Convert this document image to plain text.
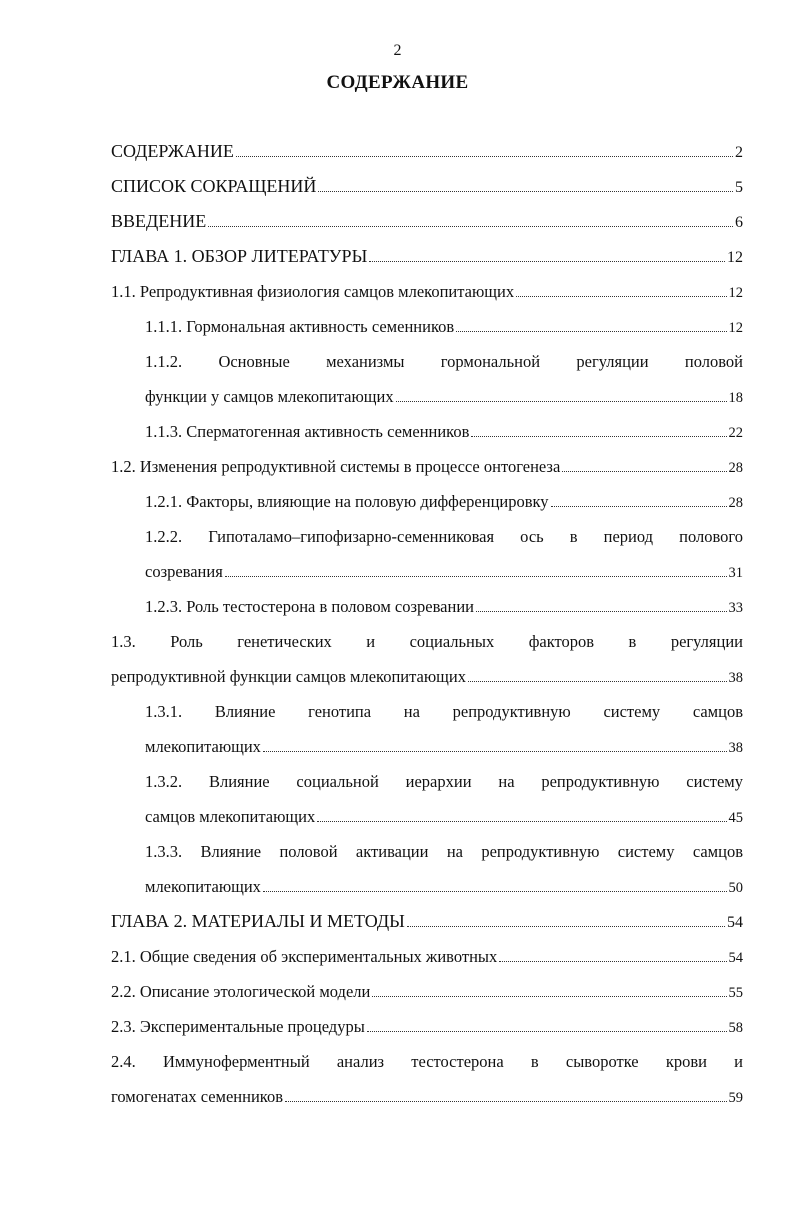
2
СОДЕРЖАНИЕ
СОДЕРЖАНИЕ	2
СПИСОК СОКРАЩЕНИЙ	5
ВВЕДЕНИЕ	6
ГЛАВА 1. ОБЗОР ЛИТЕРАТУРЫ	12
1.1. Репродуктивная физиология самцов млекопитающих	12
1.1.1. Гормональная активность семенников	12
1.1.2. Основные механизмы гормональной регуляции половой
функции у самцов млекопитающих	18
1.1.3. Сперматогенная активность семенников	22
1.2. Изменения репродуктивной системы в процессе онтогенеза	28
1.2.1. Факторы, влияющие на половую дифференцировку	28
1.2.2. Гипоталамо–гипофизарно-семенниковая ось в период полового
созревания	31
1.2.3. Роль тестостерона в половом созревании	33
1.3. Роль генетических и социальных факторов в регуляции
репродуктивной функции самцов млекопитающих	38
1.3.1. Влияние генотипа на репродуктивную систему самцов
млекопитающих	38
1.3.2. Влияние социальной иерархии на репродуктивную систему
самцов млекопитающих	45
1.3.3. Влияние половой активации на репродуктивную систему самцов
млекопитающих	50
ГЛАВА 2. МАТЕРИАЛЫ И МЕТОДЫ	54
2.1. Общие сведения об экспериментальных животных	54
2.2. Описание этологической модели	55
2.3. Экспериментальные процедуры	58
2.4. Иммуноферментный анализ тестостерона в сыворотке крови и
гомогенатах семенников	59
